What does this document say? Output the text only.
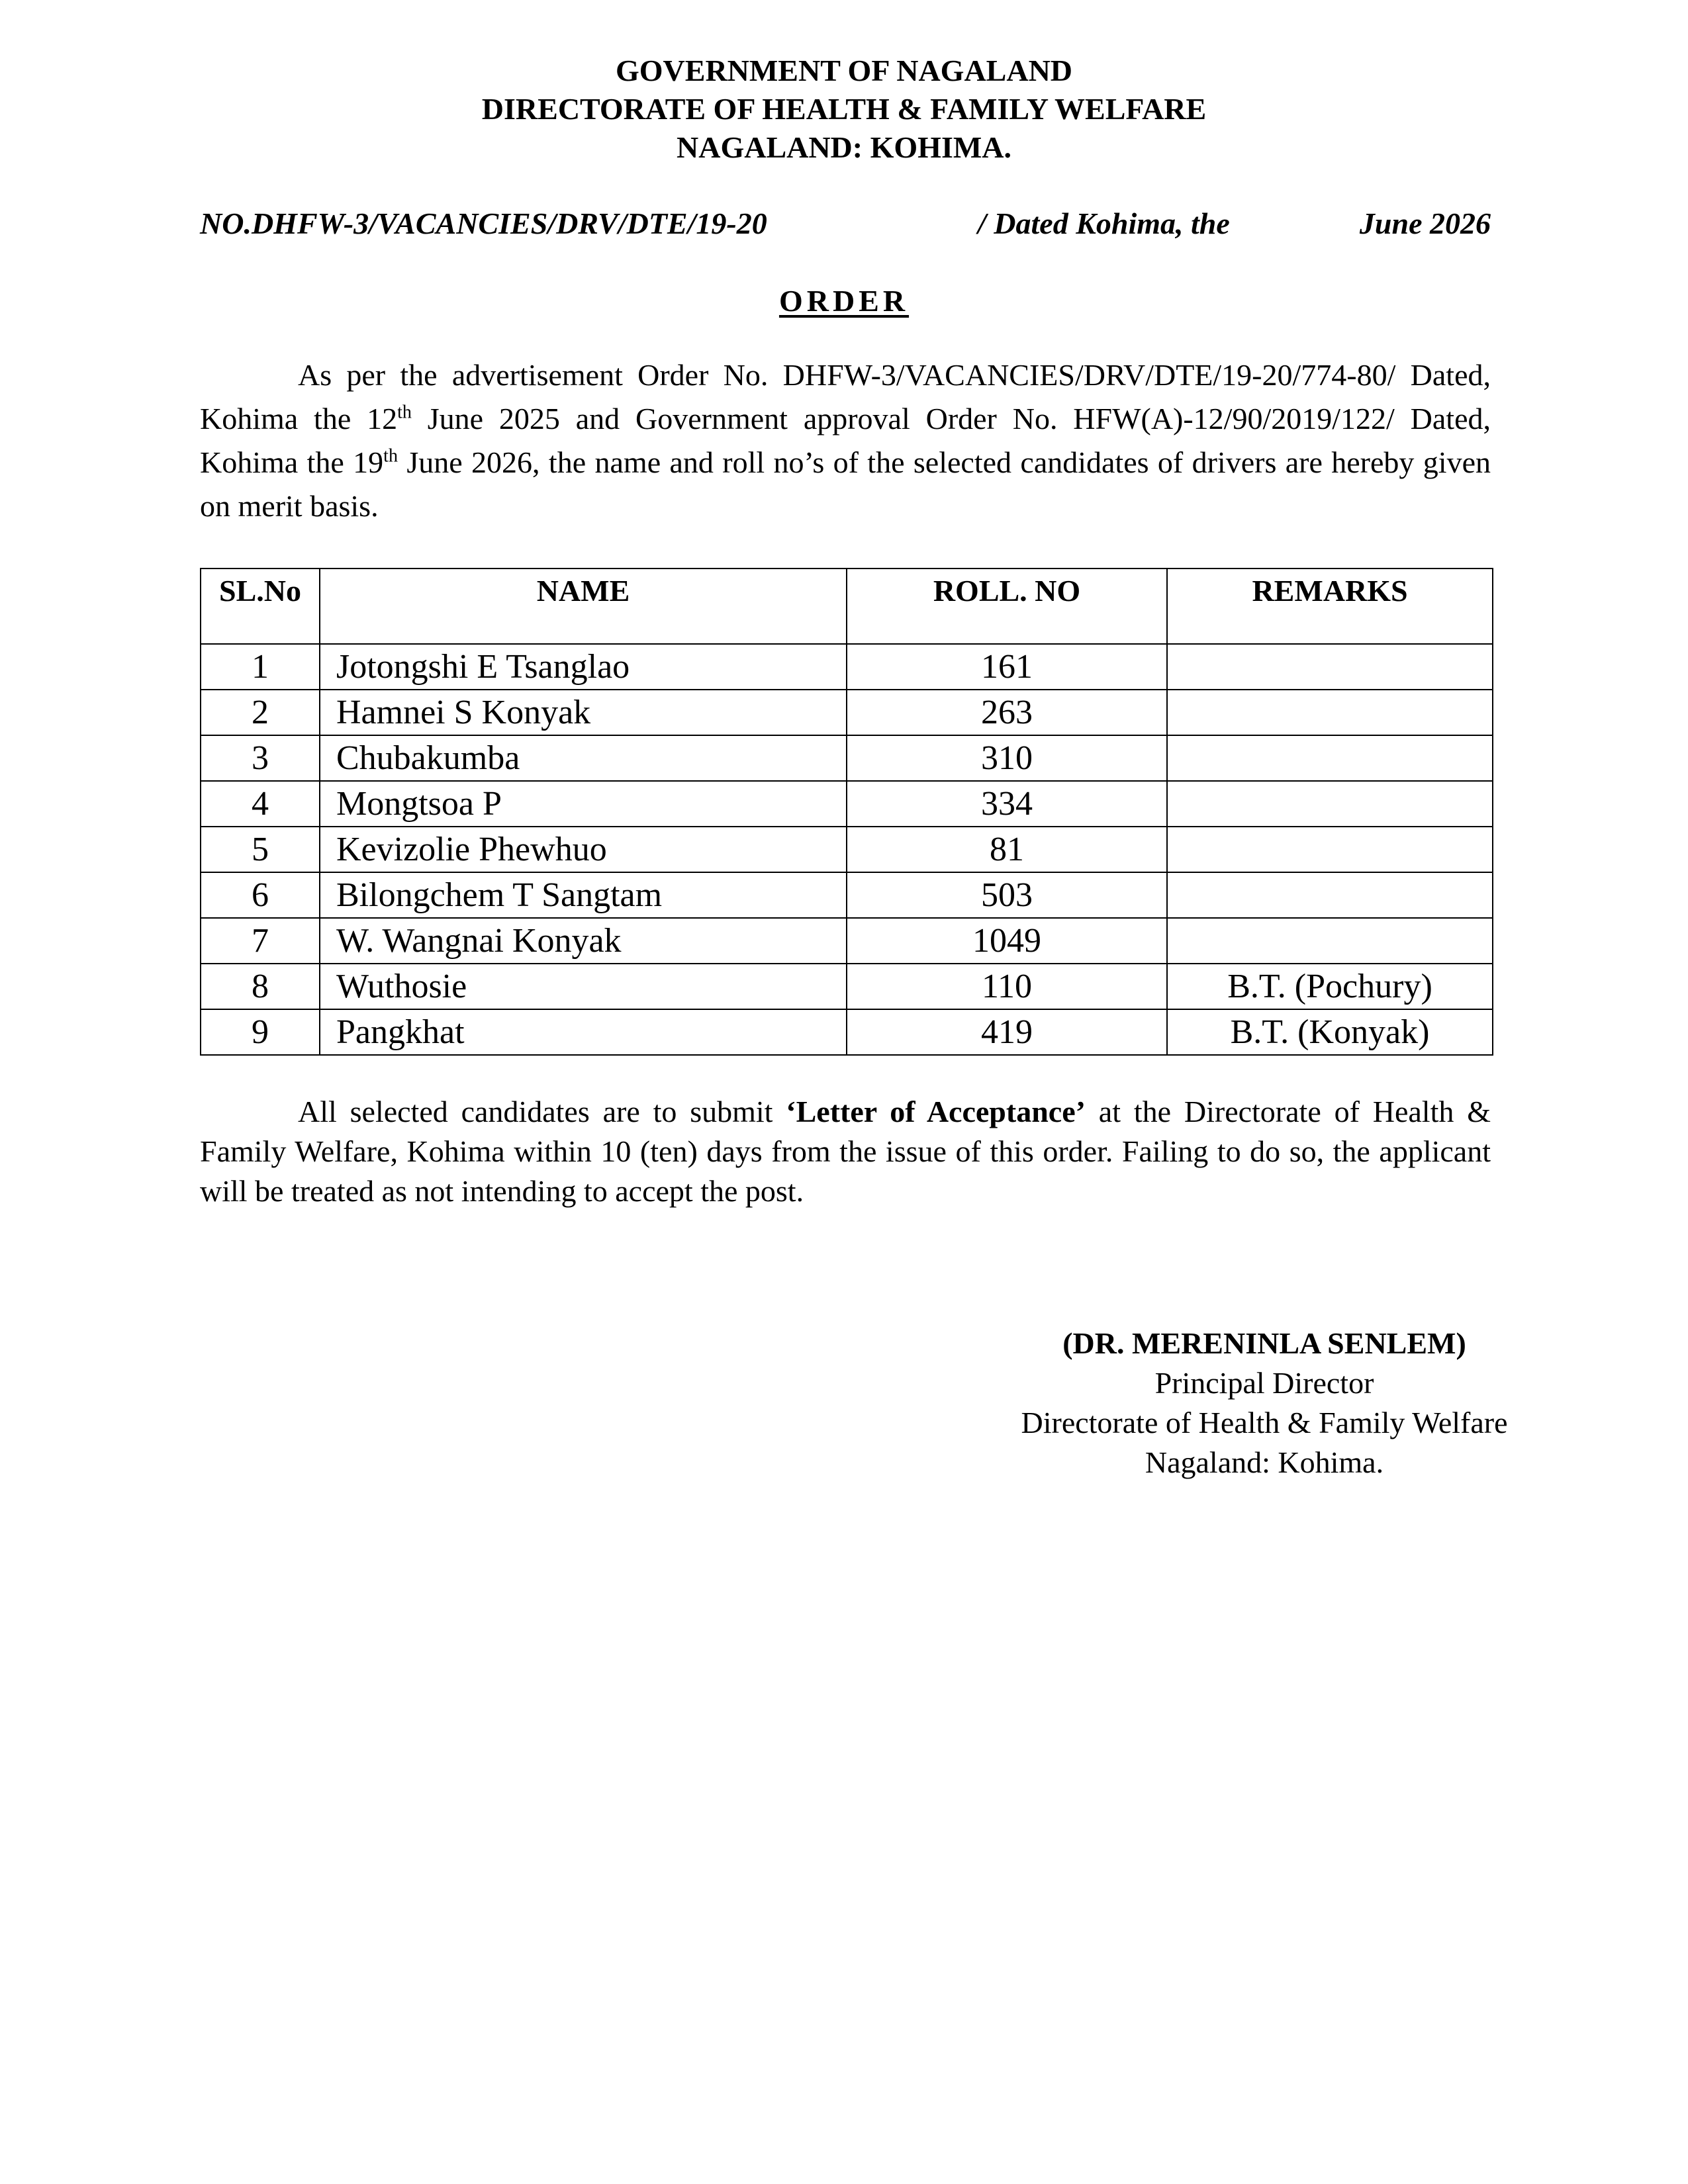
GOVERNMENT OF NAGALAND
DIRECTORATE OF HEALTH & FAMILY WELFARE
NAGALAND: KOHIMA.
NO.DHFW-3/VACANCIES/DRV/DTE/19-20	/ Dated Kohima, the	June 2026
ORDER
As per the advertisement Order No. DHFW-3/VACANCIES/DRV/DTE/19-20/774-80/ Dated, Kohima the 12th June 2025 and Government approval Order No. HFW(A)-12/90/2019/122/ Dated, Kohima the 19th June 2026, the name and roll no’s of the selected candidates of drivers are hereby given on merit basis.
SL.No	NAME	ROLL. NO	REMARKS
1	Jotongshi E Tsanglao	161	
2	Hamnei S Konyak	263	
3	Chubakumba	310	
4	Mongtsoa P	334	
5	Kevizolie Phewhuo	81	
6	Bilongchem T Sangtam	503	
7	W. Wangnai Konyak	1049	
8	Wuthosie	110	B.T. (Pochury)
9	Pangkhat	419	B.T. (Konyak)
All selected candidates are to submit ‘Letter of Acceptance’ at the Directorate of Health & Family Welfare, Kohima within 10 (ten) days from the issue of this order. Failing to do so, the applicant will be treated as not intending to accept the post.
(DR. MERENINLA SENLEM)
Principal Director
Directorate of Health & Family Welfare
Nagaland: Kohima.
